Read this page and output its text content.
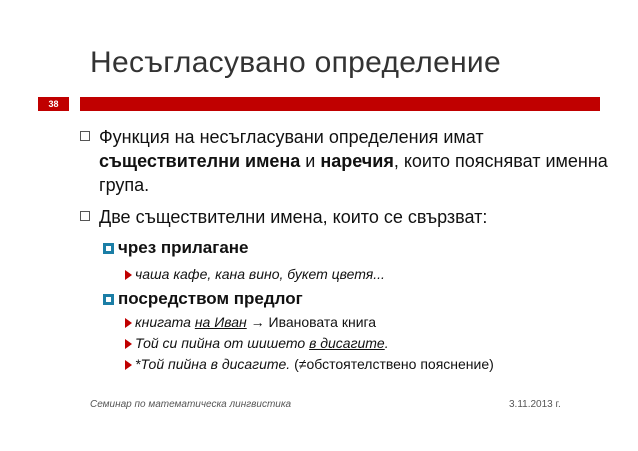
Несъгласувано определение
38
Функция на несъгласувани определения имат съществителни имена и наречия, които поясняват именна група.
Две съществителни имена, които се свързват:
чрез прилагане
чаша кафе, кана вино, букет цветя...
посредством предлог
книгата на Иван → Ивановата книга
Той си пийна от шишето в дисагите.
*Той пийна в дисагите. (≠обстоятелствено пояснение)
Семинар по математическа лингвистика	3.11.2013 г.
